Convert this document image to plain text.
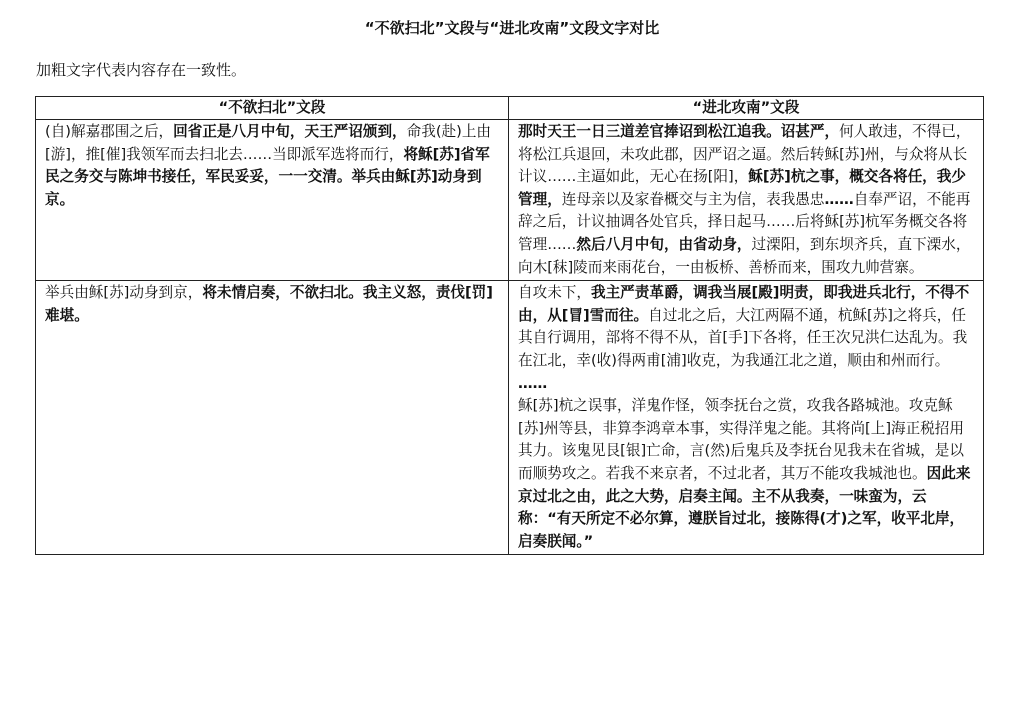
“不欲扫北”文段与“进北攻南”文段文字对比
加粗文字代表内容存在一致性。
“不欲扫北”文段	“进北攻南”文段
(自)解嘉郡围之后，回省正是八月中旬，天王严诏颁到，命我(赴)上由[游]，推[催]我领军而去扫北去……当即派军选将而行，将稣[苏]省军民之务交与陈坤书接任，军民妥妥，一一交清。举兵由稣[苏]动身到京。	那时天王一日三道差官捧诏到松江追我。诏甚严，何人敢违，不得已，将松江兵退回，未攻此郡，因严诏之逼。然后转稣[苏]州，与众将从长计议……主逼如此，无心在扬[阳]，稣[苏]杭之事，概交各将任，我少管理，连母亲以及家眷概交与主为信，表我愚忠……自奉严诏，不能再辞之后，计议抽调各处官兵，择日起马……后将稣[苏]杭军务概交各将管理……然后八月中旬，由省动身，过溧阳，到东坝齐兵，直下溧水，向木[秣]陵而来雨花台，一由板桥、善桥而来，围攻九帅营寨。
举兵由稣[苏]动身到京，将未情启奏，不欲扫北。我主义怒，责伐[罚]难堪。	自攻未下，我主严责革爵，调我当展[殿]明责，即我进兵北行，不得不由，从[冒]雪而往。自过北之后，大江两隔不通，杭稣[苏]之将兵，任其自行调用，部将不得不从，首[手]下各将，任王次兄洪仁达乱为。我在江北，幸(收)得两甫[浦]收克，为我通江北之道，顺由和州而行。
……
稣[苏]杭之误事，洋鬼作怪，领李抚台之赏，攻我各路城池。攻克稣[苏]州等县，非算李鸿章本事，实得洋鬼之能。其将尚[上]海正税招用其力。该鬼见艮[银]亡命，言(然)后鬼兵及李抚台见我未在省城，是以而顺势攻之。若我不来京者，不过北者，其万不能攻我城池也。因此来京过北之由，此之大势，启奏主闻。主不从我奏，一味蛮为，云称：“有天所定不必尔算，遵朕旨过北，接陈得(才)之军，收平北岸，启奏朕闻。”
